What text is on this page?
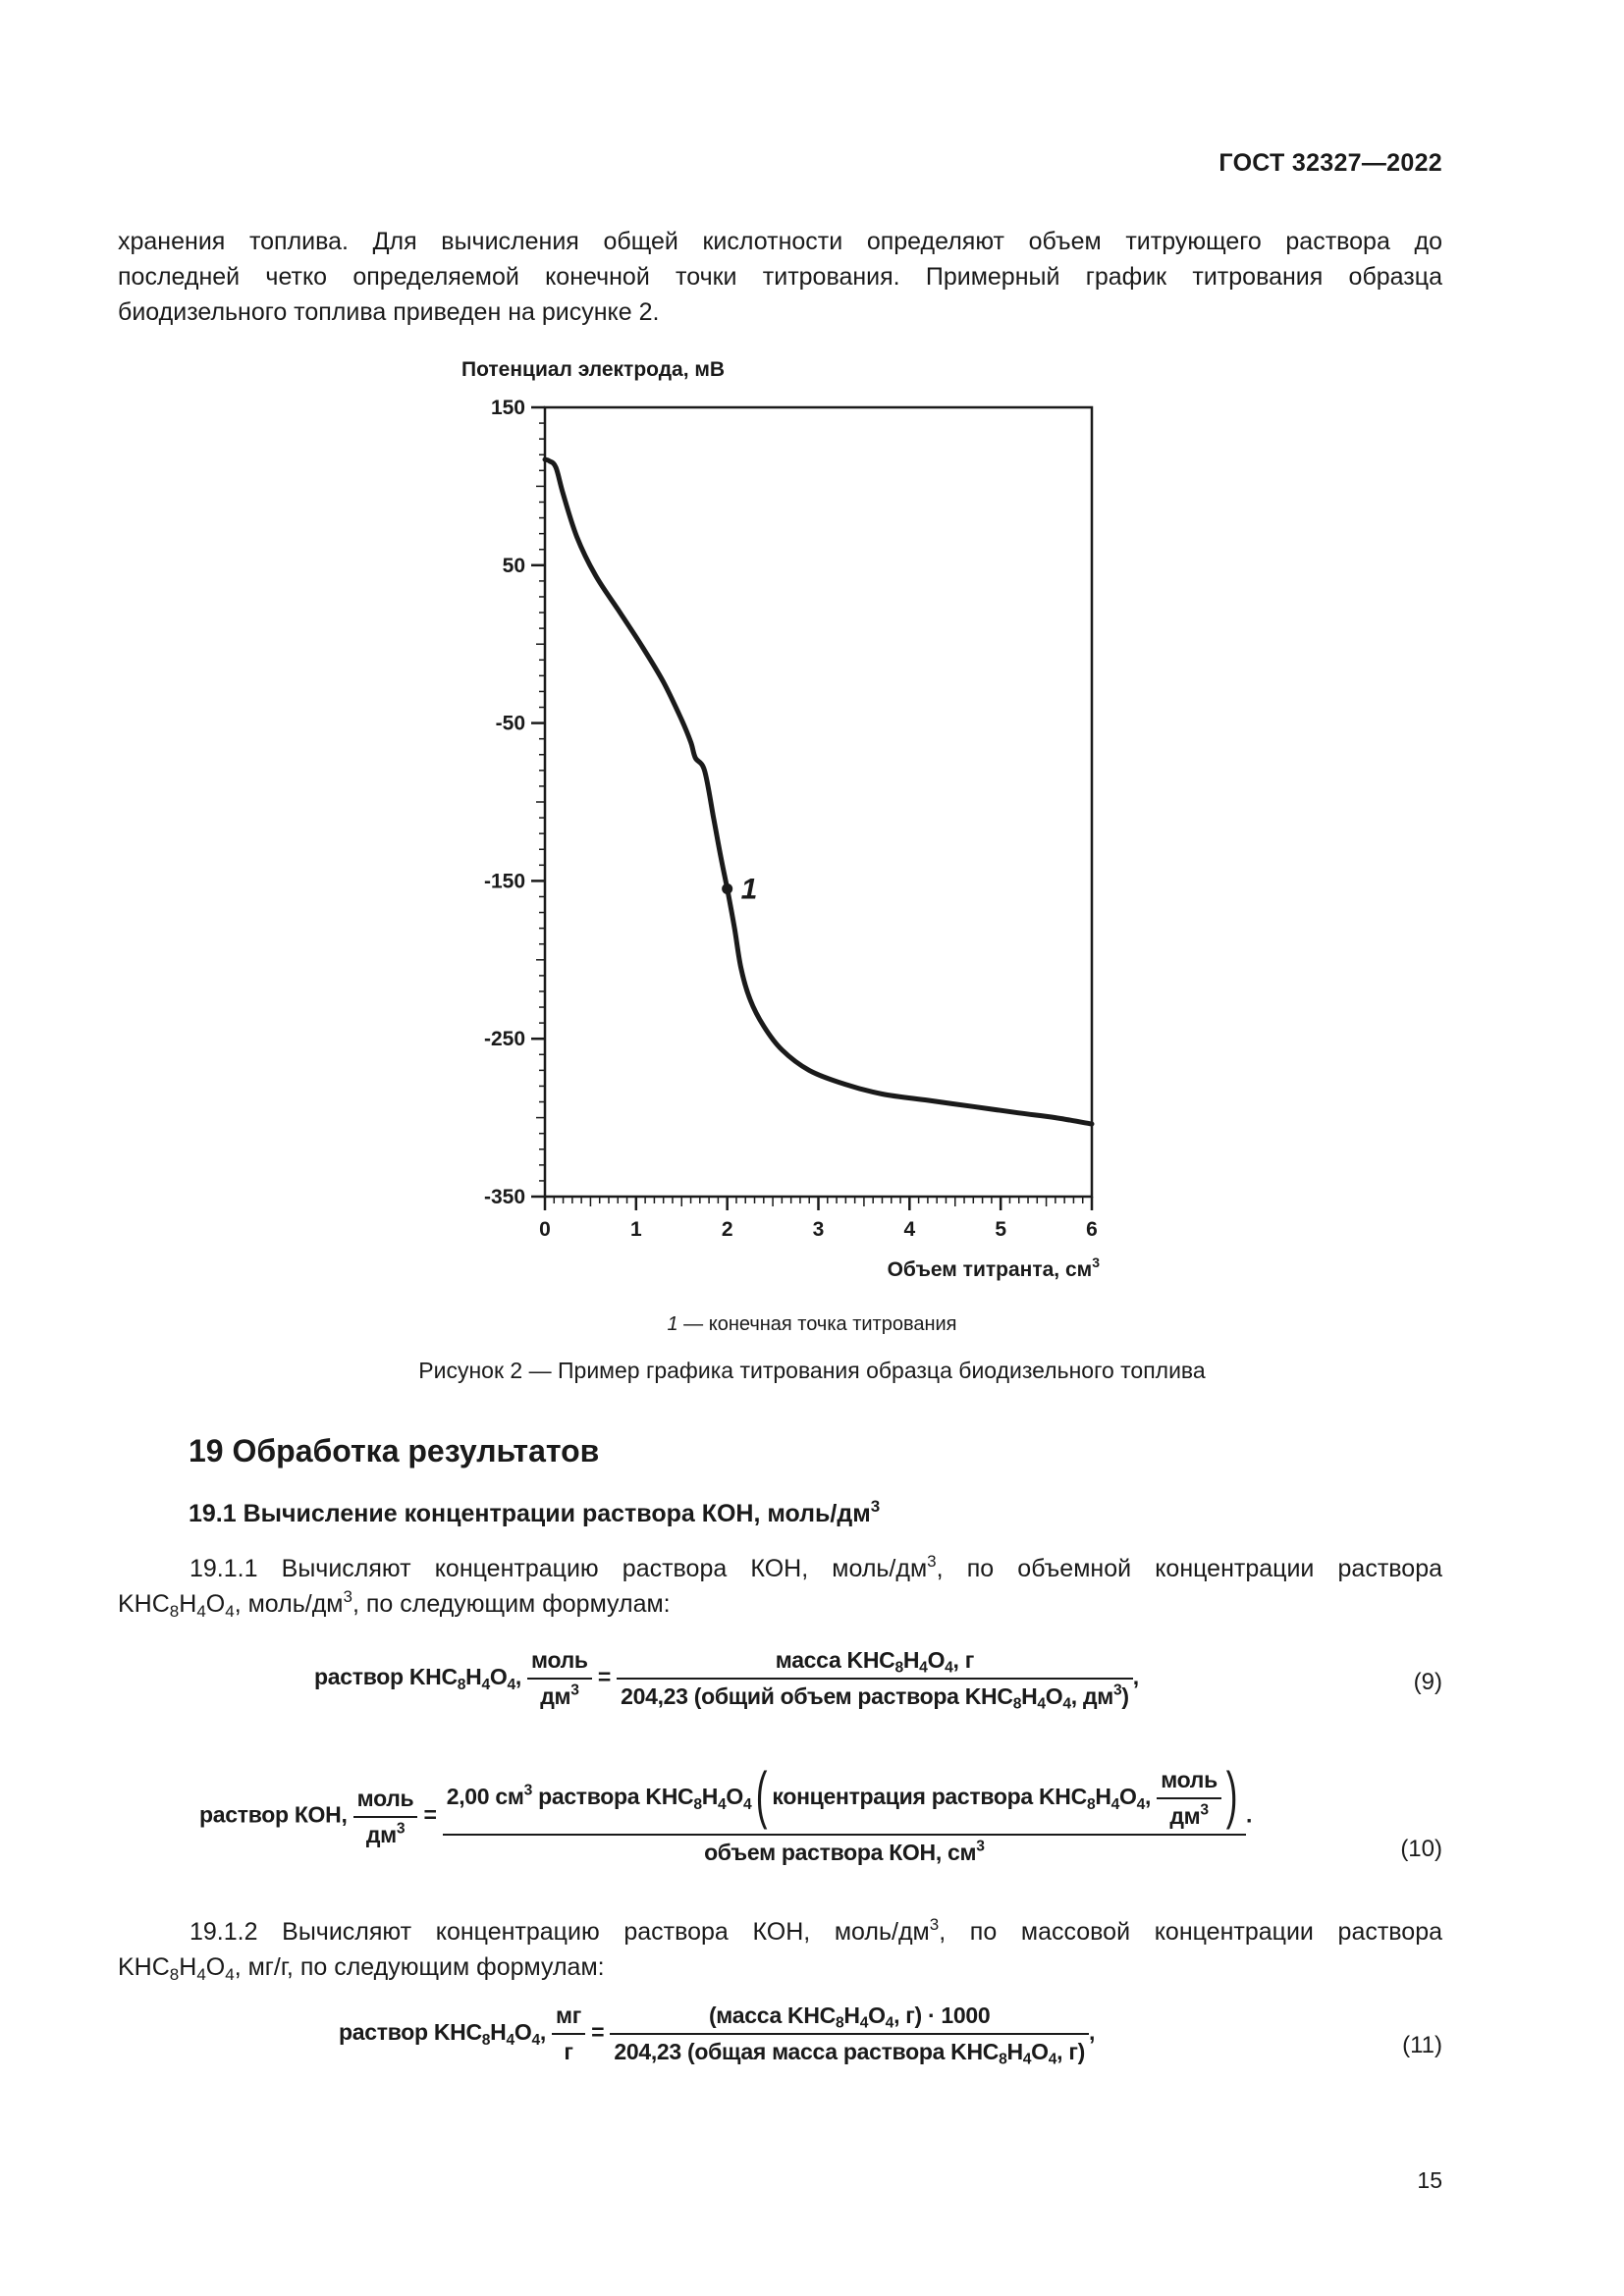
ГОСТ 32327—2022
хранения топлива. Для вычисления общей кислотности определяют объем титрующего раствора до
последней четко определяемой конечной точки титрования. Примерный график титрования образца
биодизельного топлива приведен на рисунке 2.
Потенциал электрода, мВ
150
50
-50
-150
-250
-350
0	1	2	3	4	5	6
1
Объем титранта, $см^3$
1 — конечная точка титрования
Рисунок 2 — Пример графика титрования образца биодизельного топлива
19 Обработка результатов
19.1 Вычисление концентрации раствора КОН, моль/$дм^3$
19.1.1 Вычисляют концентрацию раствора КОН, моль/$дм^3$, по объемной концентрации раствора
$KHC_8H_4O_4$, моль/$дм^3$, по следующим формулам:
раствор $KHC_8H_4O_4$, $\frac{\text{моль}}{дм^3} = \frac{масса KHC_8H_4O_4, г}{204,23 (общий объем раствора KHC_8H_4O_4, дм^3)}$ ,	(9)
раствор КОН, $\frac{\text{моль}}{дм^3}$ =
2,00 $см^3$ раствора $KHC_8H_4O_4$( концентрация раствора $KHC_8H_4O_4$, $\frac{\text{моль}}{дм^3}$ )
объем раствора КОН, $см^3$
.
(10)
19.1.2 Вычисляют концентрацию раствора КОН, моль/$дм^3$, по массовой концентрации раствора
$KHC_8H_4O_4$, мг/г, по следующим формулам:
раствор $KHC_8H_4O_4$, $\frac{мг}{г} = \frac{(масса KHC_8H_4O_4, г) \cdot 1000}{204,23 (общая масса раствора KHC_8H_4O_4, г)}$ ,	(11)
15
